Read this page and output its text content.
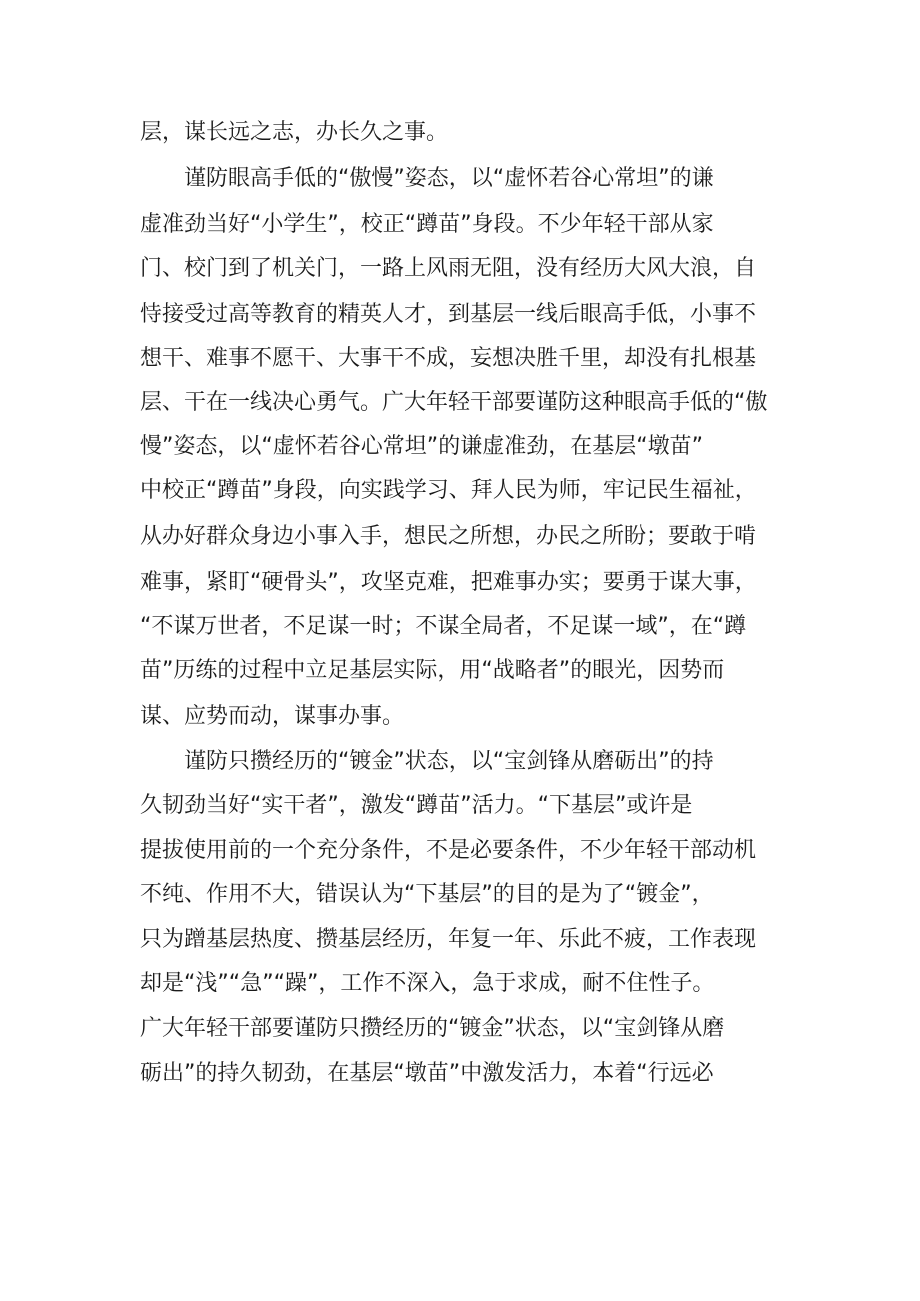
层，谋长远之志，办长久之事。
谨防眼高手低的“傲慢”姿态，以“虚怀若谷心常坦”的谦
虚准劲当好“小学生”，校正“蹲苗”身段。不少年轻干部从家
门、校门到了机关门，一路上风雨无阻，没有经历大风大浪，自
恃接受过高等教育的精英人才，到基层一线后眼高手低，小事不
想干、难事不愿干、大事干不成，妄想决胜千里，却没有扎根基
层、干在一线决心勇气。广大年轻干部要谨防这种眼高手低的“傲
慢”姿态，以“虚怀若谷心常坦”的谦虚准劲，在基层“墩苗”
中校正“蹲苗”身段，向实践学习、拜人民为师，牢记民生福祉，
从办好群众身边小事入手，想民之所想，办民之所盼；要敢于啃
难事，紧盯“硬骨头”，攻坚克难，把难事办实；要勇于谋大事，
“不谋万世者，不足谋一时；不谋全局者，不足谋一域”，在“蹲
苗”历练的过程中立足基层实际，用“战略者”的眼光，因势而
谋、应势而动，谋事办事。
谨防只攒经历的“镀金”状态，以“宝剑锋从磨砺出”的持
久韧劲当好“实干者”，激发“蹲苗”活力。“下基层”或许是
提拔使用前的一个充分条件，不是必要条件，不少年轻干部动机
不纯、作用不大，错误认为“下基层”的目的是为了“镀金”，
只为蹭基层热度、攒基层经历，年复一年、乐此不疲，工作表现
却是“浅”“急”“躁”，工作不深入，急于求成，耐不住性子。
广大年轻干部要谨防只攒经历的“镀金”状态，以“宝剑锋从磨
砺出”的持久韧劲，在基层“墩苗”中激发活力，本着“行远必
